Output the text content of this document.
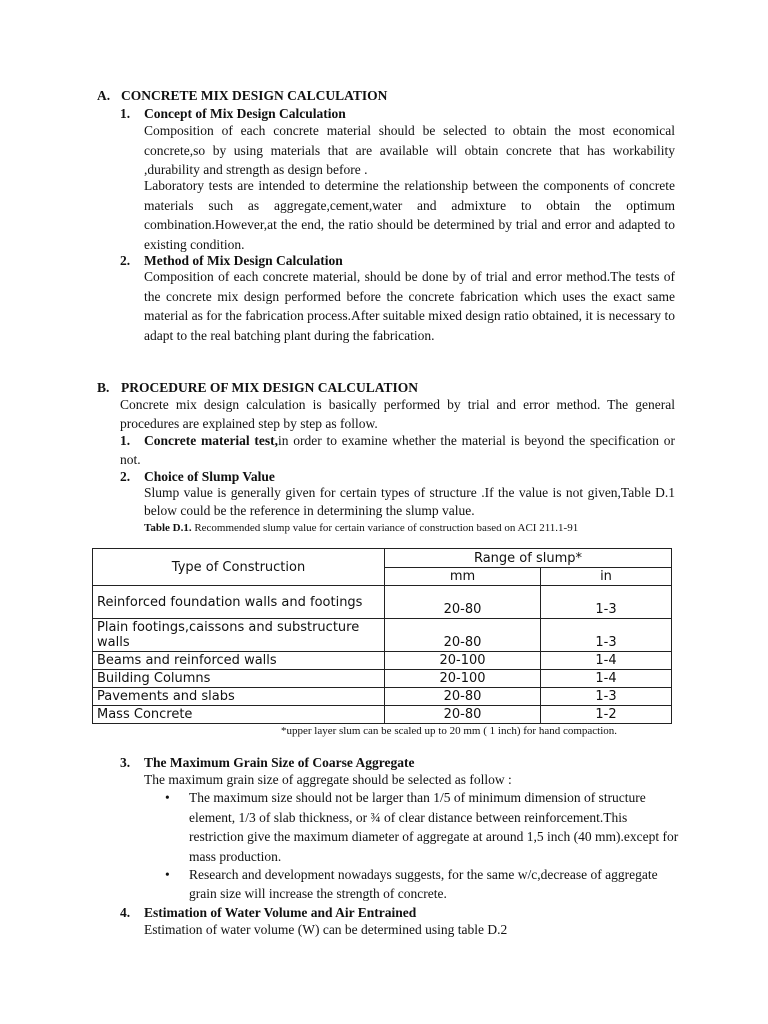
A. CONCRETE MIX DESIGN CALCULATION
1. Concept of Mix Design Calculation
Composition of each concrete material should be selected to obtain the most economical concrete,so by using materials that are available will obtain concrete that has workability ,durability and strength as design before .
Laboratory tests are intended to determine the relationship between the components of concrete materials such as aggregate,cement,water and admixture to obtain the optimum combination.However,at the end, the ratio should be determined by trial and error and adapted to existing condition.
2. Method of Mix Design Calculation
Composition of each concrete material, should be done by of trial and error method.The tests of the concrete mix design performed before the concrete fabrication which uses the exact same material as for the fabrication process.After suitable mixed design ratio obtained, it is necessary to adapt to the real batching plant during the fabrication.
B. PROCEDURE OF MIX DESIGN CALCULATION
Concrete mix design calculation is basically performed by trial and error method. The general procedures are explained step by step as follow.
1. Concrete material test,in order to examine whether the material is beyond the specification or not.
2. Choice of Slump Value
Slump value is generally given for certain types of structure .If the value is not given,Table D.1 below could be the reference in determining the slump value.
Table D.1. Recommended slump value for certain variance of construction based on ACI 211.1-91
Type of Construction	Range of slump*	
	mm	in
Reinforced foundation walls and footings	20-80	1-3
Plain footings,caissons and substructure walls	20-80	1-3
Beams and reinforced walls	20-100	1-4
Building Columns	20-100	1-4
Pavements and slabs	20-80	1-3
Mass Concrete	20-80	1-2
*upper layer slum can be scaled up to 20 mm ( 1 inch) for hand compaction.
3. The Maximum Grain Size of Coarse Aggregate
The maximum grain size of aggregate should be selected as follow :
• The maximum size should not be larger than 1/5 of minimum dimension of structure element, 1/3 of slab thickness, or ¾ of clear distance between reinforcement.This restriction give the maximum diameter of aggregate at around 1,5 inch (40 mm).except for mass production.
• Research and development nowadays suggests, for the same w/c,decrease of aggregate grain size will increase the strength of concrete.
4. Estimation of Water Volume and Air Entrained
Estimation of water volume (W) can be determined using table D.2
